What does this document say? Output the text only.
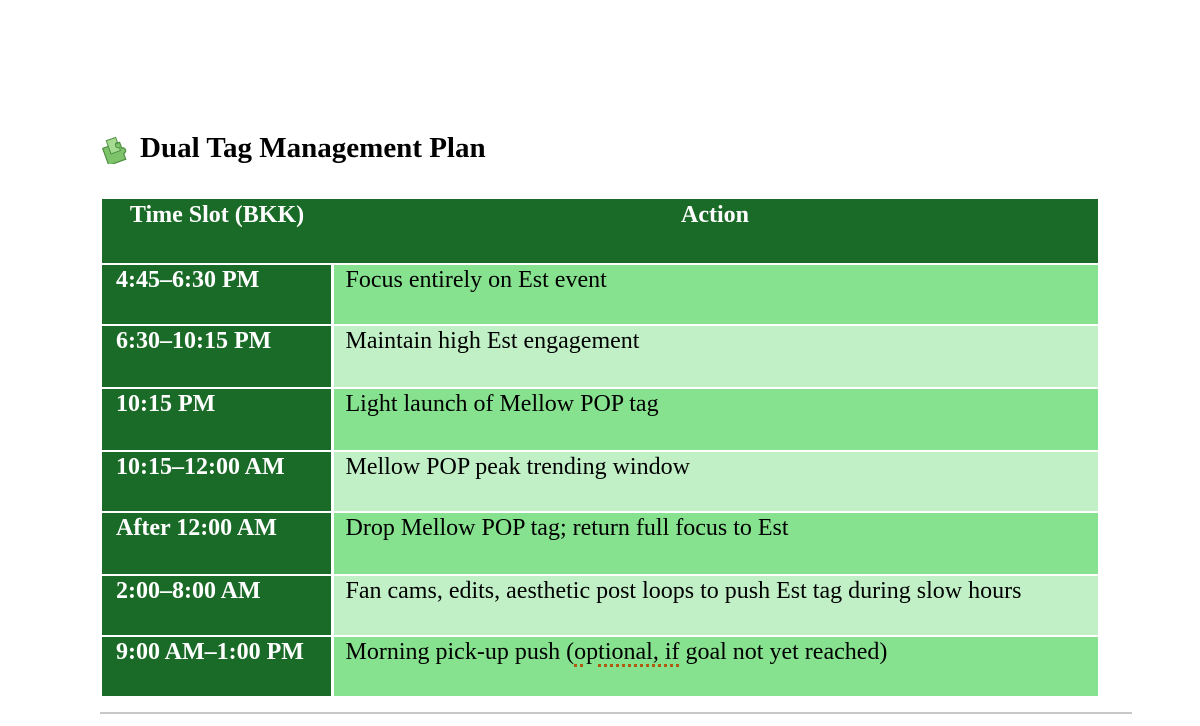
Dual Tag Management Plan
Time Slot (BKK)	Action
4:45–6:30 PM	Focus entirely on Est event
6:30–10:15 PM	Maintain high Est engagement
10:15 PM	Light launch of Mellow POP tag
10:15–12:00 AM	Mellow POP peak trending window
After 12:00 AM	Drop Mellow POP tag; return full focus to Est
2:00–8:00 AM	Fan cams, edits, aesthetic post loops to push Est tag during slow hours
9:00 AM–1:00 PM	Morning pick-up push (optional, if goal not yet reached)
